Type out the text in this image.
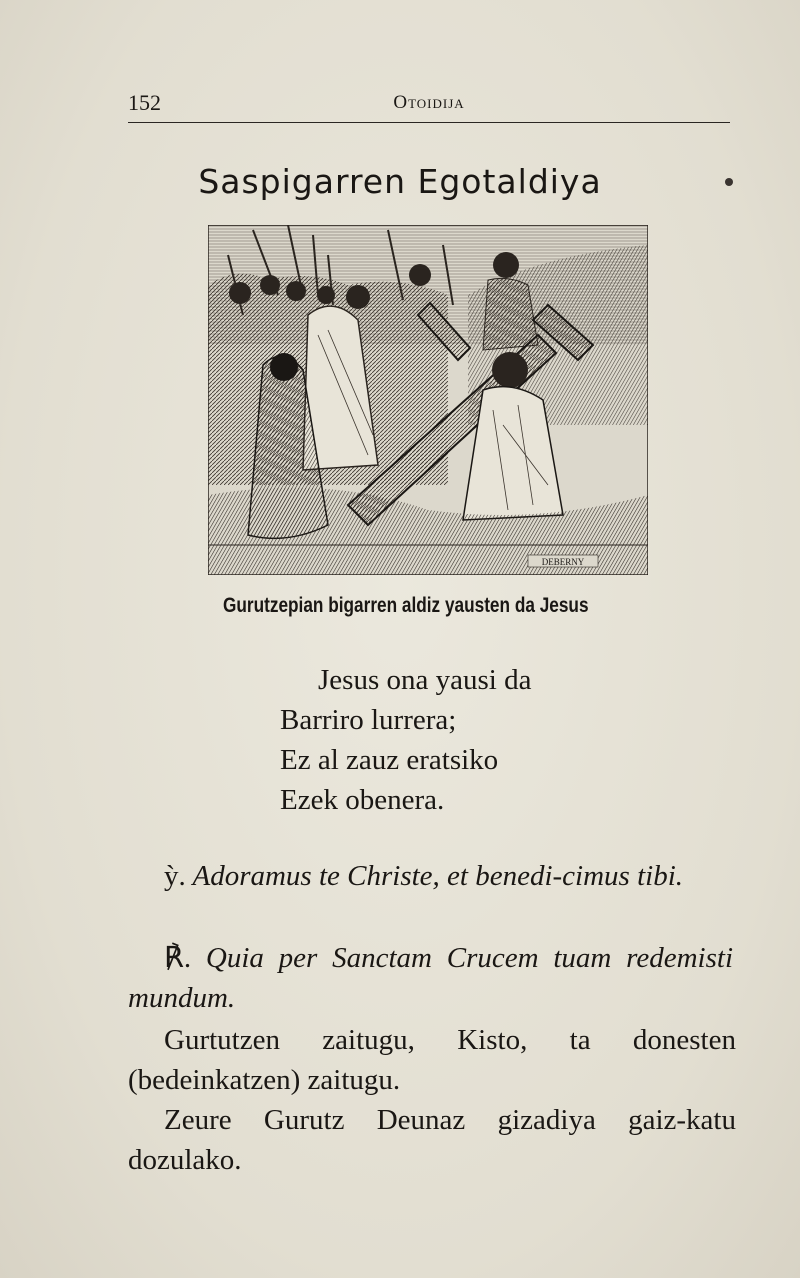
152	Otoidija
Saspigarren Egotaldiya
DEBERNY
Gurutzepian bigarren aldiz yausten da Jesus
Jesus ona yausi da
Barriro lurrera;
Ez al zauz eratsiko
Ezek obenera.
ỳ. Adoramus te Christe, et benedi-cimus tibi.
℟. Quia per Sanctam Crucem tuam redemisti mundum.
Gurtutzen zaitugu, Kisto, ta donesten (bedeinkatzen) zaitugu.
Zeure Gurutz Deunaz gizadiya gaiz-katu dozulako.
